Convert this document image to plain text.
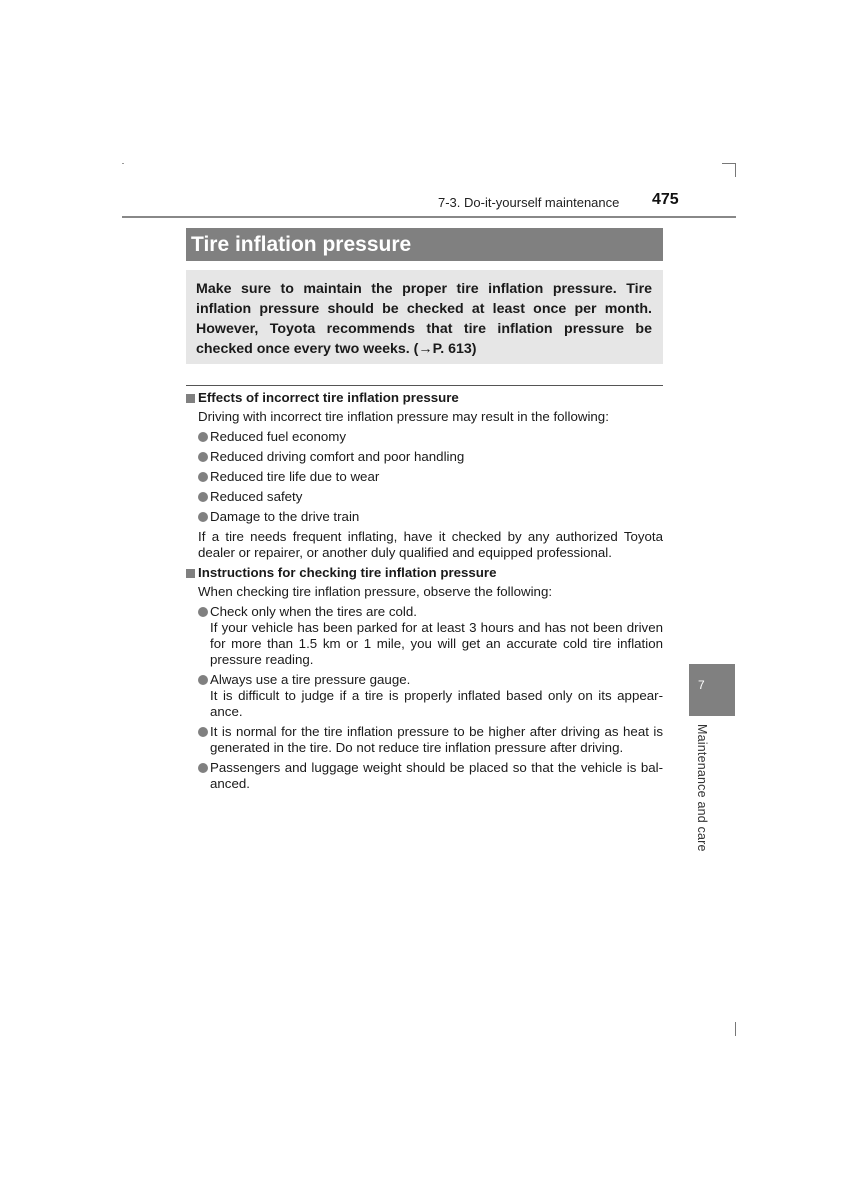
7-3. Do-it-yourself maintenance 475
Tire inflation pressure
Make sure to maintain the proper tire inflation pressure. Tire inflation pressure should be checked at least once per month. However, Toyota recommends that tire inflation pressure be checked once every two weeks. (→P. 613)
Effects of incorrect tire inflation pressure
Driving with incorrect tire inflation pressure may result in the following:
Reduced fuel economy
Reduced driving comfort and poor handling
Reduced tire life due to wear
Reduced safety
Damage to the drive train
If a tire needs frequent inflating, have it checked by any authorized Toyota dealer or repairer, or another duly qualified and equipped professional.
Instructions for checking tire inflation pressure
When checking tire inflation pressure, observe the following:
Check only when the tires are cold.
If your vehicle has been parked for at least 3 hours and has not been driven for more than 1.5 km or 1 mile, you will get an accurate cold tire inflation pressure reading.
Always use a tire pressure gauge.
It is difficult to judge if a tire is properly inflated based only on its appear-ance.
It is normal for the tire inflation pressure to be higher after driving as heat is generated in the tire. Do not reduce tire inflation pressure after driving.
Passengers and luggage weight should be placed so that the vehicle is bal-anced.
7
Maintenance and care
